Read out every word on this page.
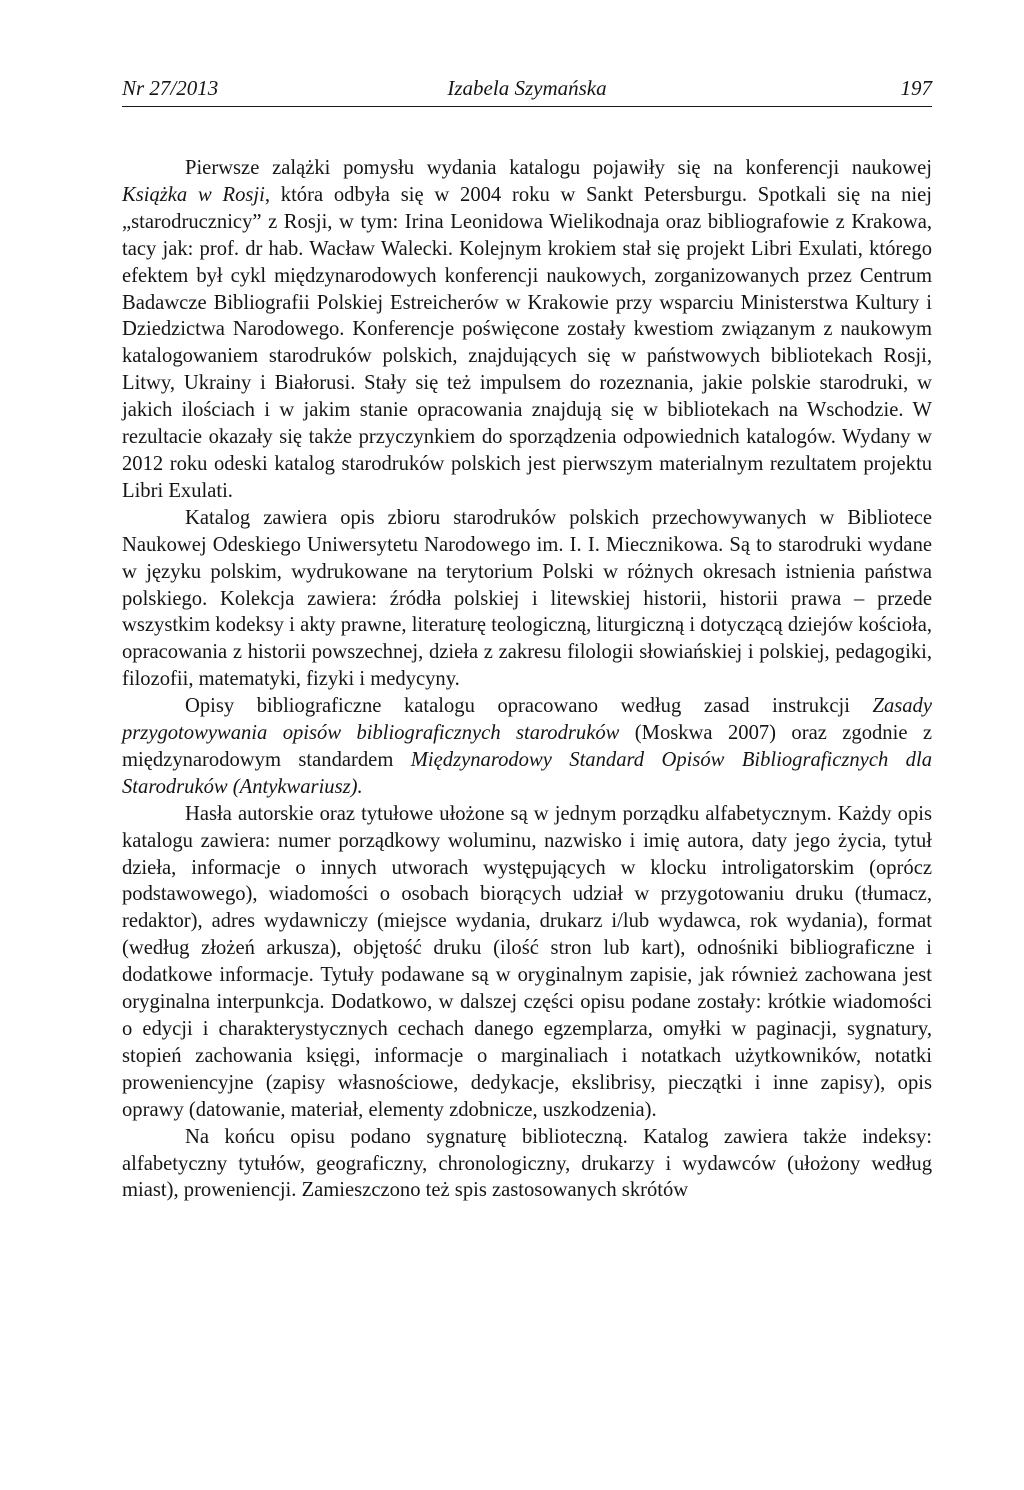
Nr 27/2013	Izabela Szymańska	197

Pierwsze zalążki pomysłu wydania katalogu pojawiły się na konferencji naukowej Książka w Rosji, która odbyła się w 2004 roku w Sankt Petersburgu. Spotkali się na niej „starodrucznicy” z Rosji, w tym: Irina Leonidowa Wielikodnaja oraz bibliografowie z Krakowa, tacy jak: prof. dr hab. Wacław Walecki. Kolejnym krokiem stał się projekt Libri Exulati, którego efektem był cykl międzynarodowych konferencji naukowych, zorganizowanych przez Centrum Badawcze Bibliografii Polskiej Estreicherów w Krakowie przy wsparciu Ministerstwa Kultury i Dziedzictwa Narodowego. Konferencje poświęcone zostały kwestiom związanym z naukowym katalogowaniem starodruków polskich, znajdujących się w państwowych bibliotekach Rosji, Litwy, Ukrainy i Białorusi. Stały się też impulsem do rozeznania, jakie polskie starodruki, w jakich ilościach i w jakim stanie opracowania znajdują się w bibliotekach na Wschodzie. W rezultacie okazały się także przyczynkiem do sporządzenia odpowiednich katalogów. Wydany w 2012 roku odeski katalog starodruków polskich jest pierwszym materialnym rezultatem projektu Libri Exulati.

Katalog zawiera opis zbioru starodruków polskich przechowywanych w Bibliotece Naukowej Odeskiego Uniwersytetu Narodowego im. I. I. Miecznikowa. Są to starodruki wydane w języku polskim, wydrukowane na terytorium Polski w różnych okresach istnienia państwa polskiego. Kolekcja zawiera: źródła polskiej i litewskiej historii, historii prawa – przede wszystkim kodeksy i akty prawne, literaturę teologiczną, liturgiczną i dotyczącą dziejów kościoła, opracowania z historii powszechnej, dzieła z zakresu filologii słowiańskiej i polskiej, pedagogiki, filozofii, matematyki, fizyki i medycyny.

Opisy bibliograficzne katalogu opracowano według zasad instrukcji Zasady przygotowywania opisów bibliograficznych starodruków (Moskwa 2007) oraz zgodnie z międzynarodowym standardem Międzynarodowy Standard Opisów Bibliograficznych dla Starodruków (Antykwariusz).

Hasła autorskie oraz tytułowe ułożone są w jednym porządku alfabetycznym. Każdy opis katalogu zawiera: numer porządkowy woluminu, nazwisko i imię autora, daty jego życia, tytuł dzieła, informacje o innych utworach występujących w klocku introligatorskim (oprócz podstawowego), wiadomości o osobach biorących udział w przygotowaniu druku (tłumacz, redaktor), adres wydawniczy (miejsce wydania, drukarz i/lub wydawca, rok wydania), format (według złożeń arkusza), objętość druku (ilość stron lub kart), odnośniki bibliograficzne i dodatkowe informacje. Tytuły podawane są w oryginalnym zapisie, jak również zachowana jest oryginalna interpunkcja. Dodatkowo, w dalszej części opisu podane zostały: krótkie wiadomości o edycji i charakterystycznych cechach danego egzemplarza, omyłki w paginacji, sygnatury, stopień zachowania księgi, informacje o marginaliach i notatkach użytkowników, notatki proweniencyjne (zapisy własnościowe, dedykacje, ekslibrisy, pieczątki i inne zapisy), opis oprawy (datowanie, materiał, elementy zdobnicze, uszkodzenia).

Na końcu opisu podano sygnaturę biblioteczną. Katalog zawiera także indeksy: alfabetyczny tytułów, geograficzny, chronologiczny, drukarzy i wydawców (ułożony według miast), proweniencji. Zamieszczono też spis zastosowanych skrótów
